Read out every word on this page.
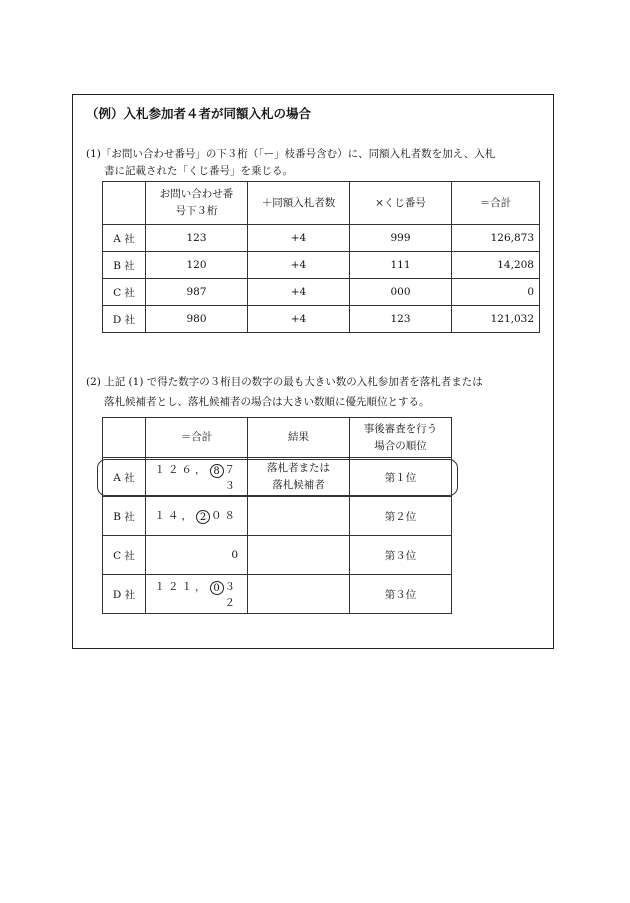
（例）入札参加者４者が同額入札の場合
(1)「お問い合わせ番号」の下３桁（「ー」枝番号含む）に、同額入札者数を加え、入札
書に記載された「くじ番号」を乗じる。
	お問い合わせ番
号下３桁	＋同額入札者数	×くじ番号	＝合計
A 社	123	+4	999	126,873
B 社	120	+4	111	14,208
C 社	987	+4	000	0
D 社	980	+4	123	121,032
(2) 上記 (1) で得た数字の３桁目の数字の最も大きい数の入札参加者を落札者または
落札候補者とし、落札候補者の場合は大きい数順に優先順位とする。
	＝合計	結果	事後審査を行う
場合の順位
A 社	１２６， 8 ７３	落札者または
落札候補者	第１位
B 社	１４， 2 ０８		第２位
C 社	0		第３位
D 社	１２１， 0 ３２		第３位
